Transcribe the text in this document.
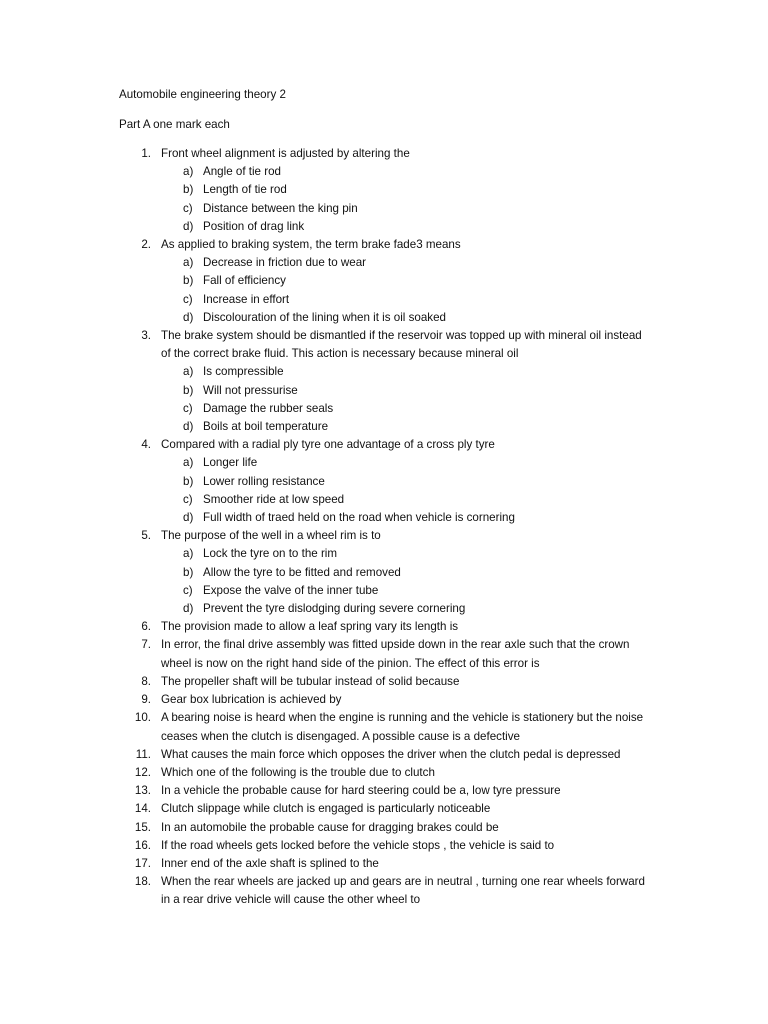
Automobile engineering theory 2
Part A one mark each
1. Front wheel alignment is adjusted by altering the
a) Angle of tie rod
b) Length of tie rod
c) Distance between the king pin
d) Position of drag link
2. As applied to braking system, the term brake fade3 means
a) Decrease in friction due to wear
b) Fall of efficiency
c) Increase in effort
d) Discolouration of the lining when it is oil soaked
3. The brake system should be dismantled if the reservoir was topped up with mineral oil instead of the correct brake fluid. This action is necessary because mineral oil
a) Is compressible
b) Will not pressurise
c) Damage the rubber seals
d) Boils at boil temperature
4. Compared with a radial ply tyre one advantage of a cross ply tyre
a) Longer life
b) Lower rolling resistance
c) Smoother ride at low speed
d) Full width of traed held on the road when vehicle is cornering
5. The purpose of the well in a wheel rim is to
a) Lock the tyre on to the rim
b) Allow the tyre to be fitted and removed
c) Expose the valve of the inner tube
d) Prevent the tyre dislodging during severe cornering
6. The provision made to allow a leaf spring vary its length is
7. In error, the final drive assembly was fitted upside down in the rear axle such that the crown wheel is now on the right hand side of the pinion. The effect of this error is
8. The propeller shaft will be tubular instead of solid because
9. Gear box lubrication is achieved by
10. A bearing noise is heard when the engine is running and the vehicle is stationery but the noise ceases when the clutch is disengaged. A possible cause is a defective
11. What causes the main force which opposes the driver when the clutch pedal is depressed
12. Which one of the following is the trouble due to clutch
13. In a vehicle the probable cause for hard steering could be a, low tyre pressure
14. Clutch slippage while clutch is engaged is particularly noticeable
15. In an automobile the probable cause for dragging brakes could be
16. If the road wheels gets locked before the vehicle stops , the vehicle is said to
17. Inner end of the axle shaft is splined to the
18. When the rear wheels are jacked up and gears are in neutral , turning one rear wheels forward in a rear drive vehicle will cause the other wheel to
